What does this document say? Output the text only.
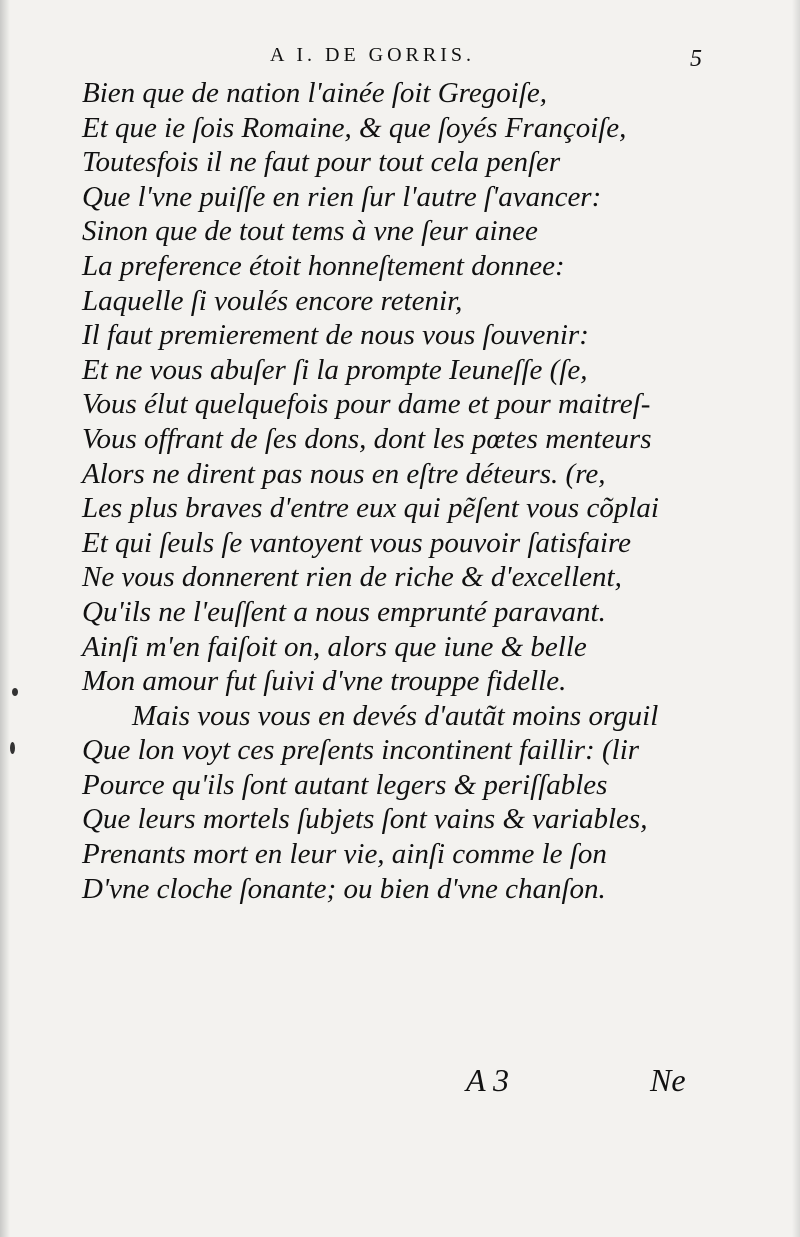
A I. DE GORRIS.	5
Bien que de nation l'ainée ſoit Gregoiſe,
Et que ie ſois Romaine, & que ſoyés Françoiſe,
Toutesfois il ne faut pour tout cela penſer
Que l'vne puiſſe en rien ſur l'autre ſ'avancer:
Sinon que de tout tems à vne ſeur ainee
La preference étoit honneſtement donnee:
Laquelle ſi voulés encore retenir,
Il faut premierement de nous vous ſouvenir:
Et ne vous abuſer ſi la prompte Ieuneſſe (ſe,
Vous élut quelquefois pour dame et pour maitreſ-
Vous offrant de ſes dons, dont les pœtes menteurs
Alors ne dirent pas nous en eſtre déteurs. (re,
Les plus braves d'entre eux qui pẽſent vous cõplai
Et qui ſeuls ſe vantoyent vous pouvoir ſatisfaire
Ne vous donnerent rien de riche & d'excellent,
Qu'ils ne l'euſſent a nous emprunté paravant.
Ainſi m'en faiſoit on, alors que iune & belle
Mon amour fut ſuivi d'vne trouppe fidelle.
Mais vous vous en devés d'autãt moins orguil
Que lon voyt ces preſents incontinent faillir: (lir
Pource qu'ils ſont autant legers & periſſables
Que leurs mortels ſubjets ſont vains & variables,
Prenants mort en leur vie, ainſi comme le ſon
D'vne cloche ſonante; ou bien d'vne chanſon.
A 3	Ne
